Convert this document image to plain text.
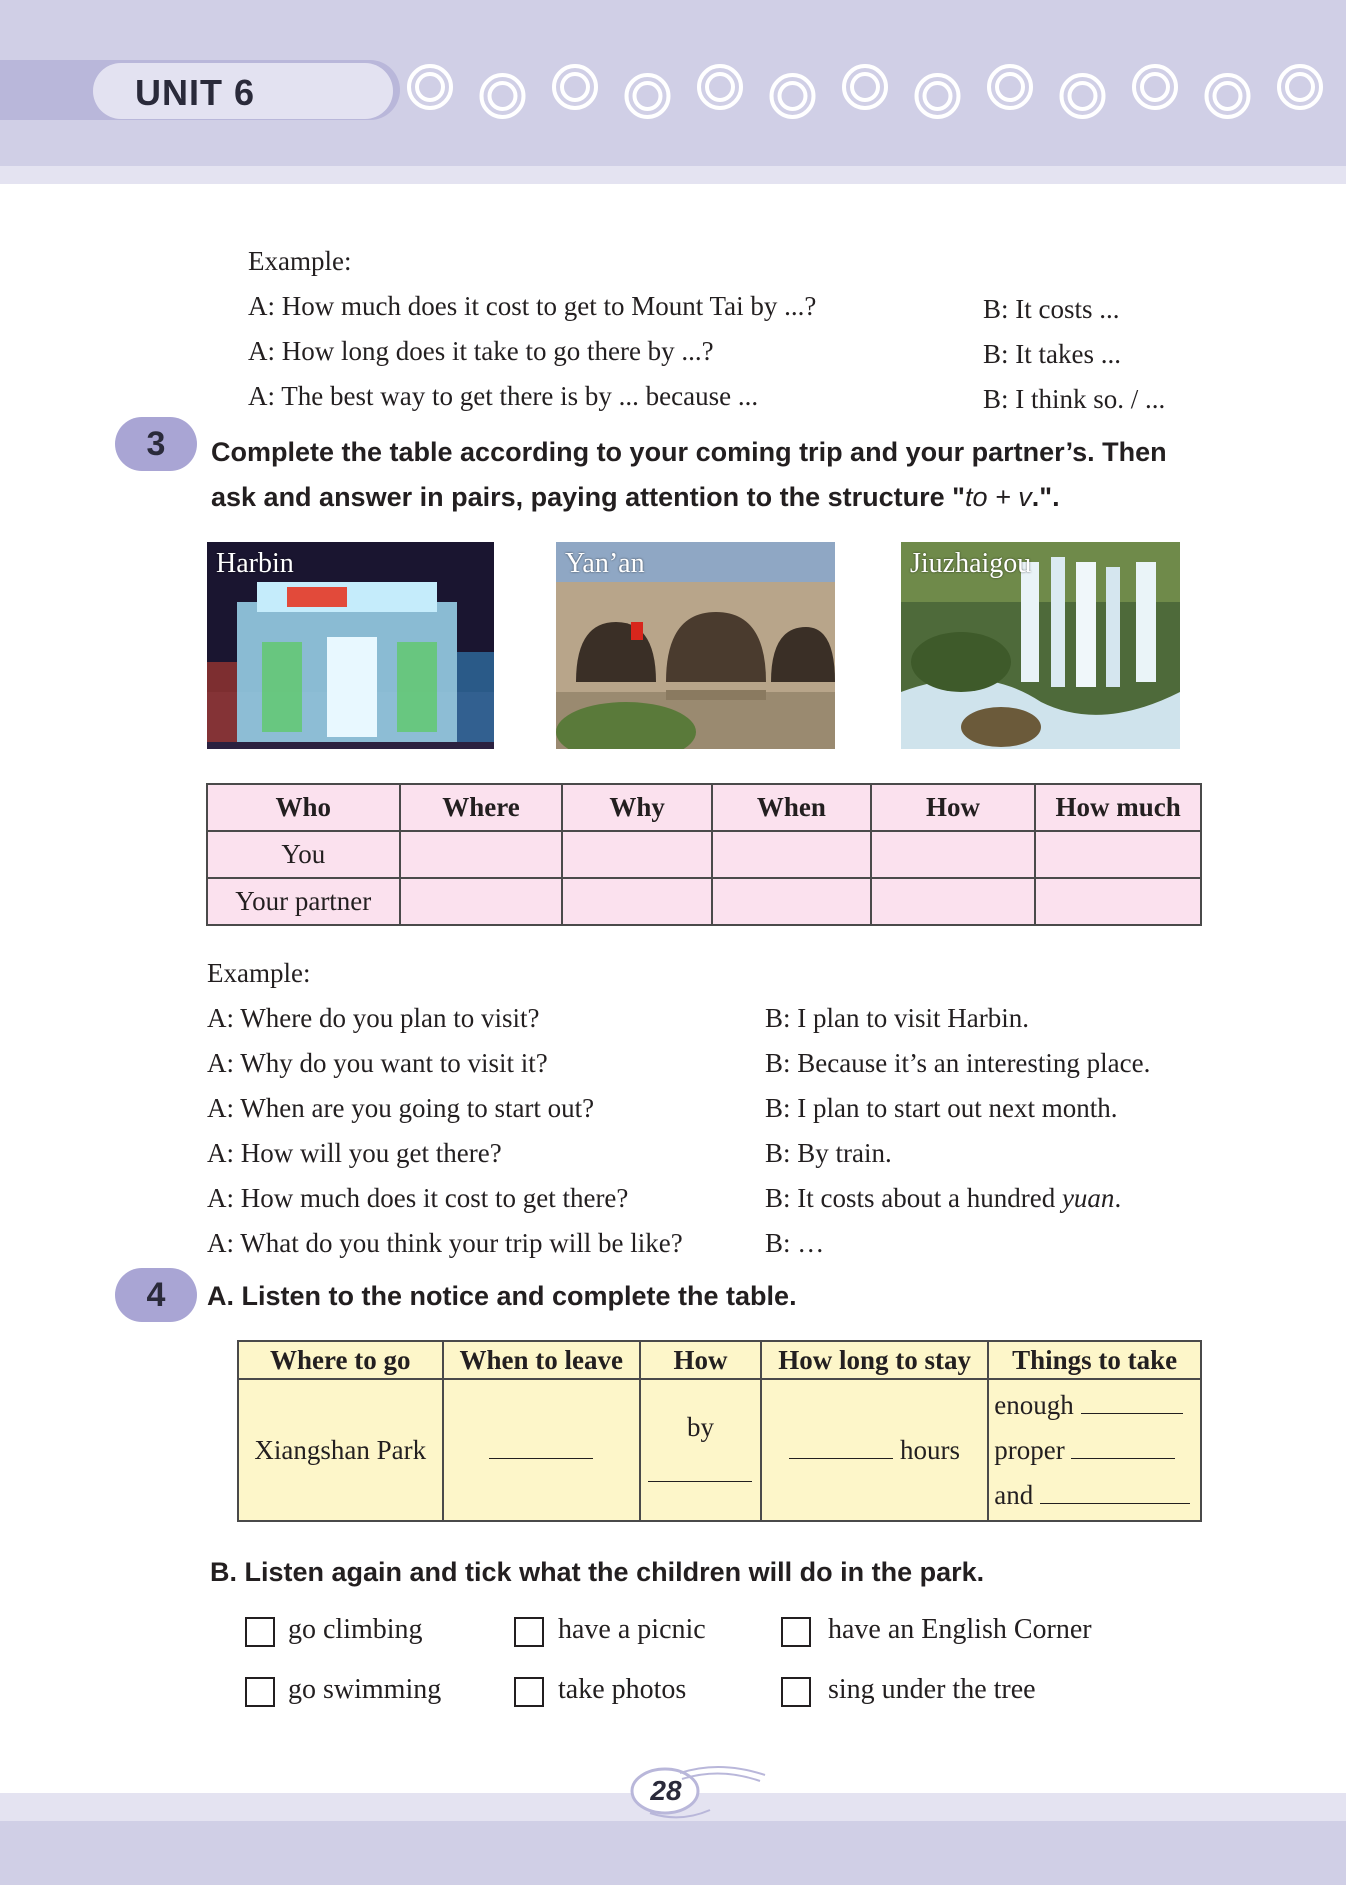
UNIT 6
Example:
A: How much does it cost to get to Mount Tai by ...?	B: It costs ...
A: How long does it take to go there by ...?	B: It takes ...
A: The best way to get there is by ... because ...	B: I think so. / ...
3	Complete the table according to your coming trip and your partner’s. Then
ask and answer in pairs, paying attention to the structure "to + v.".
Harbin	Yan’an	Jiuzhaigou
Who	Where	Why	When	How	How much
You					
Your partner					
Example:
A: Where do you plan to visit?	B: I plan to visit Harbin.
A: Why do you want to visit it?	B: Because it’s an interesting place.
A: When are you going to start out?	B: I plan to start out next month.
A: How will you get there?	B: By train.
A: How much does it cost to get there?	B: It costs about a hundred yuan.
A: What do you think your trip will be like?	B: …
4	A. Listen to the notice and complete the table.
Where to go	When to leave	How	How long to stay	Things to take
Xiangshan Park		by	hours	enough
proper
and
B. Listen again and tick what the children will do in the park.
go climbing	have a picnic	have an English Corner
go swimming	take photos	sing under the tree
28
